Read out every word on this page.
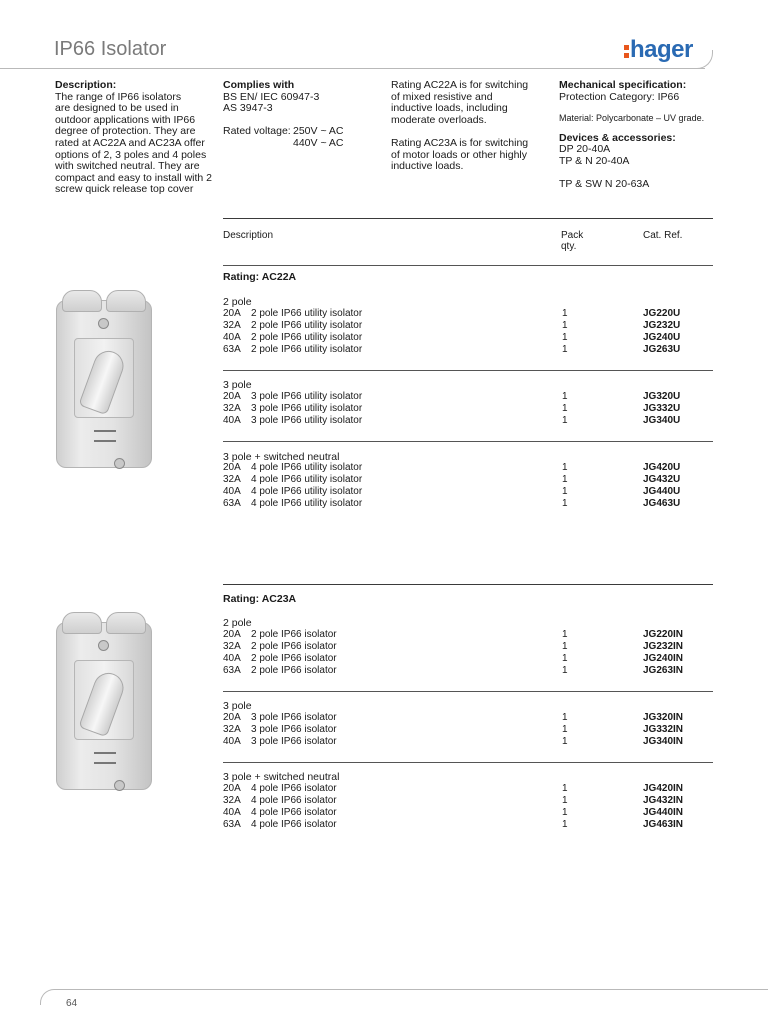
IP66 Isolator	hager
Description:
The range of IP66 isolators
are designed to be used in
outdoor applications with IP66
degree of protection. They are
rated at AC22A and AC23A offer
options of 2, 3 poles and 4 poles
with switched neutral. They are
compact and easy to install with 2
screw quick release top cover
Complies with
BS EN/ IEC 60947-3
AS 3947-3
Rated voltage: 250V ~ AC
440V ~ AC
Rating AC22A is for switching
of mixed resistive and
inductive loads, including
moderate overloads.
Rating AC23A is for switching
of motor loads or other highly
inductive loads.
Mechanical specification:
Protection Category: IP66
Material: Polycarbonate – UV grade.
Devices & accessories:
DP 20-40A
TP & N 20-40A
TP & SW N 20-63A
Description	Pack
qty.
Cat. Ref.
Rating: AC22A
2 pole
20A 2 pole IP66 utility isolator	1	JG220U
32A 2 pole IP66 utility isolator	1	JG232U
40A 2 pole IP66 utility isolator	1	JG240U
63A 2 pole IP66 utility isolator	1	JG263U
3 pole
20A 3 pole IP66 utility isolator	1	JG320U
32A 3 pole IP66 utility isolator	1	JG332U
40A 3 pole IP66 utility isolator	1	JG340U
3 pole + switched neutral
20A 4 pole IP66 utility isolator	1	JG420U
32A 4 pole IP66 utility isolator	1	JG432U
40A 4 pole IP66 utility isolator	1	JG440U
63A 4 pole IP66 utility isolator	1	JG463U
Rating: AC23A
2 pole
20A 2 pole IP66 isolator	1	JG220IN
32A 2 pole IP66 isolator	1	JG232IN
40A 2 pole IP66 isolator	1	JG240IN
63A 2 pole IP66 isolator	1	JG263IN
3 pole
20A 3 pole IP66 isolator	1	JG320IN
32A 3 pole IP66 isolator	1	JG332IN
40A 3 pole IP66 isolator	1	JG340IN
3 pole + switched neutral
20A 4 pole IP66 isolator	1	JG420IN
32A 4 pole IP66 isolator	1	JG432IN
40A 4 pole IP66 isolator	1	JG440IN
63A 4 pole IP66 isolator	1	JG463IN
64
